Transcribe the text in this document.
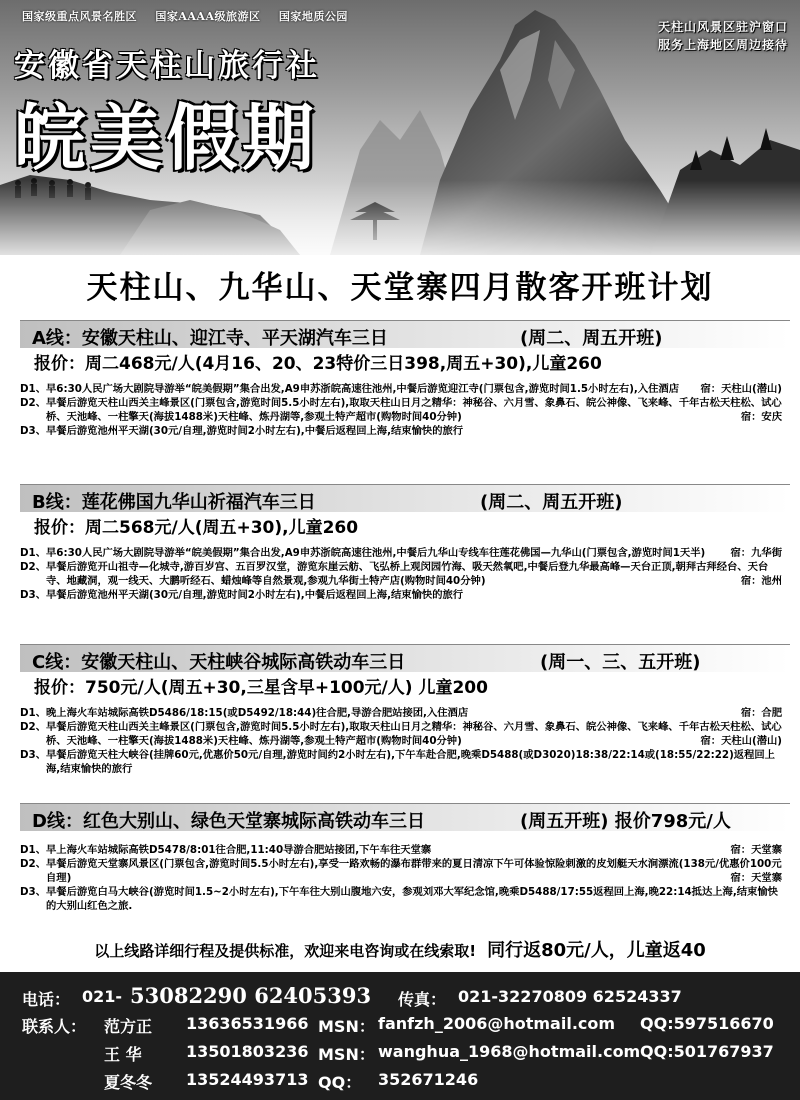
国家级重点风景名胜区 国家AAAA级旅游区 国家地质公园
安徽省天柱山旅行社
皖美假期
天柱山风景区驻沪窗口
服务上海地区周边接待
天柱山、九华山、天堂寨四月散客开班计划
A线：安徽天柱山、迎江寺、平天湖汽车三日	(周二、周五开班)
报价：周二468元/人(4月16、20、23特价三日398,周五+30),儿童260
D1、 早6:30人民广场大剧院导游举“皖美假期”集合出发,A9申苏浙皖高速往池州,中餐后游览迎江寺(门票包含,游览时间1.5小时左右),入住酒店	宿：天柱山(潜山)
D2、 早餐后游览天柱山西关主峰景区(门票包含,游览时间5.5小时左右),取取天柱山日月之精华：神秘谷、六月雪、象鼻石、皖公神像、飞来峰、千年古松天柱松、试心桥、天池峰、一柱擎天(海拔1488米)天柱峰、炼丹湖等,参观土特产超市(购物时间40分钟)	宿：安庆
D3、 早餐后游览池州平天湖(30元/自理,游览时间2小时左右),中餐后返程回上海,结束愉快的旅行
B线：莲花佛国九华山祈福汽车三日	(周二、周五开班)
报价：周二568元/人(周五+30),儿童260
D1、 早6:30人民广场大剧院导游举“皖美假期”集合出发,A9申苏浙皖高速往池州,中餐后九华山专线车往莲花佛国—九华山(门票包含,游览时间1天半)	宿：九华街
D2、 早餐后游览开山祖寺—化城寺,游百岁宫、五百罗汉堂，游览东崖云舫、飞弘桥上观闵园竹海、吸天然氧吧,中餐后登九华最高峰—天台正顶,朝拜古拜经台、天台寺、地藏洞，观一线天、大鹏听经石、蜡烛峰等自然景观,参观九华街土特产店(购物时间40分钟)	宿：池州
D3、 早餐后游览池州平天湖(30元/自理,游览时间2小时左右),中餐后返程回上海,结束愉快的旅行
C线：安徽天柱山、天柱峡谷城际高铁动车三日	(周一、三、五开班)
报价：750元/人(周五+30,三星含早+100元/人) 儿童200
D1、 晚上海火车站城际高铁D5486/18:15(或D5492/18:44)往合肥,导游合肥站接团,入住酒店	宿：合肥
D2、 早餐后游览天柱山西关主峰景区(门票包含,游览时间5.5小时左右),取取天柱山日月之精华：神秘谷、六月雪、象鼻石、皖公神像、飞来峰、千年古松天柱松、试心桥、天池峰、一柱擎天(海拔1488米)天柱峰、炼丹湖等,参观土特产超市(购物时间40分钟)	宿：天柱山(潜山)
D3、 早餐后游览天柱大峡谷(挂牌60元,优惠价50元/自理,游览时间约2小时左右),下午车赴合肥,晚乘D5488(或D3020)18:38/22:14或(18:55/22:22)返程回上海,结束愉快的旅行
D线：红色大别山、绿色天堂寨城际高铁动车三日	(周五开班) 报价798元/人
D1、 早上海火车站城际高铁D5478/8:01往合肥,11:40导游合肥站接团,下午车往天堂寨	宿：天堂寨
D2、 早餐后游览天堂寨风景区(门票包含,游览时间5.5小时左右),享受一路欢畅的瀑布群带来的夏日清凉下午可体验惊险刺激的皮划艇天水涧漂流(138元/优惠价100元自理)	宿：天堂寨
D3、 早餐后游览白马大峡谷(游览时间1.5~2小时左右),下午车往大别山腹地六安，参观刘邓大军纪念馆,晚乘D5488/17:55返程回上海,晚22:14抵达上海,结束愉快的大别山红色之旅.
以上线路详细行程及提供标准，欢迎来电咨询或在线索取! 同行返80元/人，儿童返40
电话： 021- 53082290 62405393 传真： 021-32270809 62524337
联系人： 范方正 13636531966 MSN： fanfzh_2006@hotmail.com QQ:597516670
王 华	13501803236 MSN： wanghua_1968@hotmail.com QQ:501767937
夏冬冬 13524493713 QQ： 352671246
